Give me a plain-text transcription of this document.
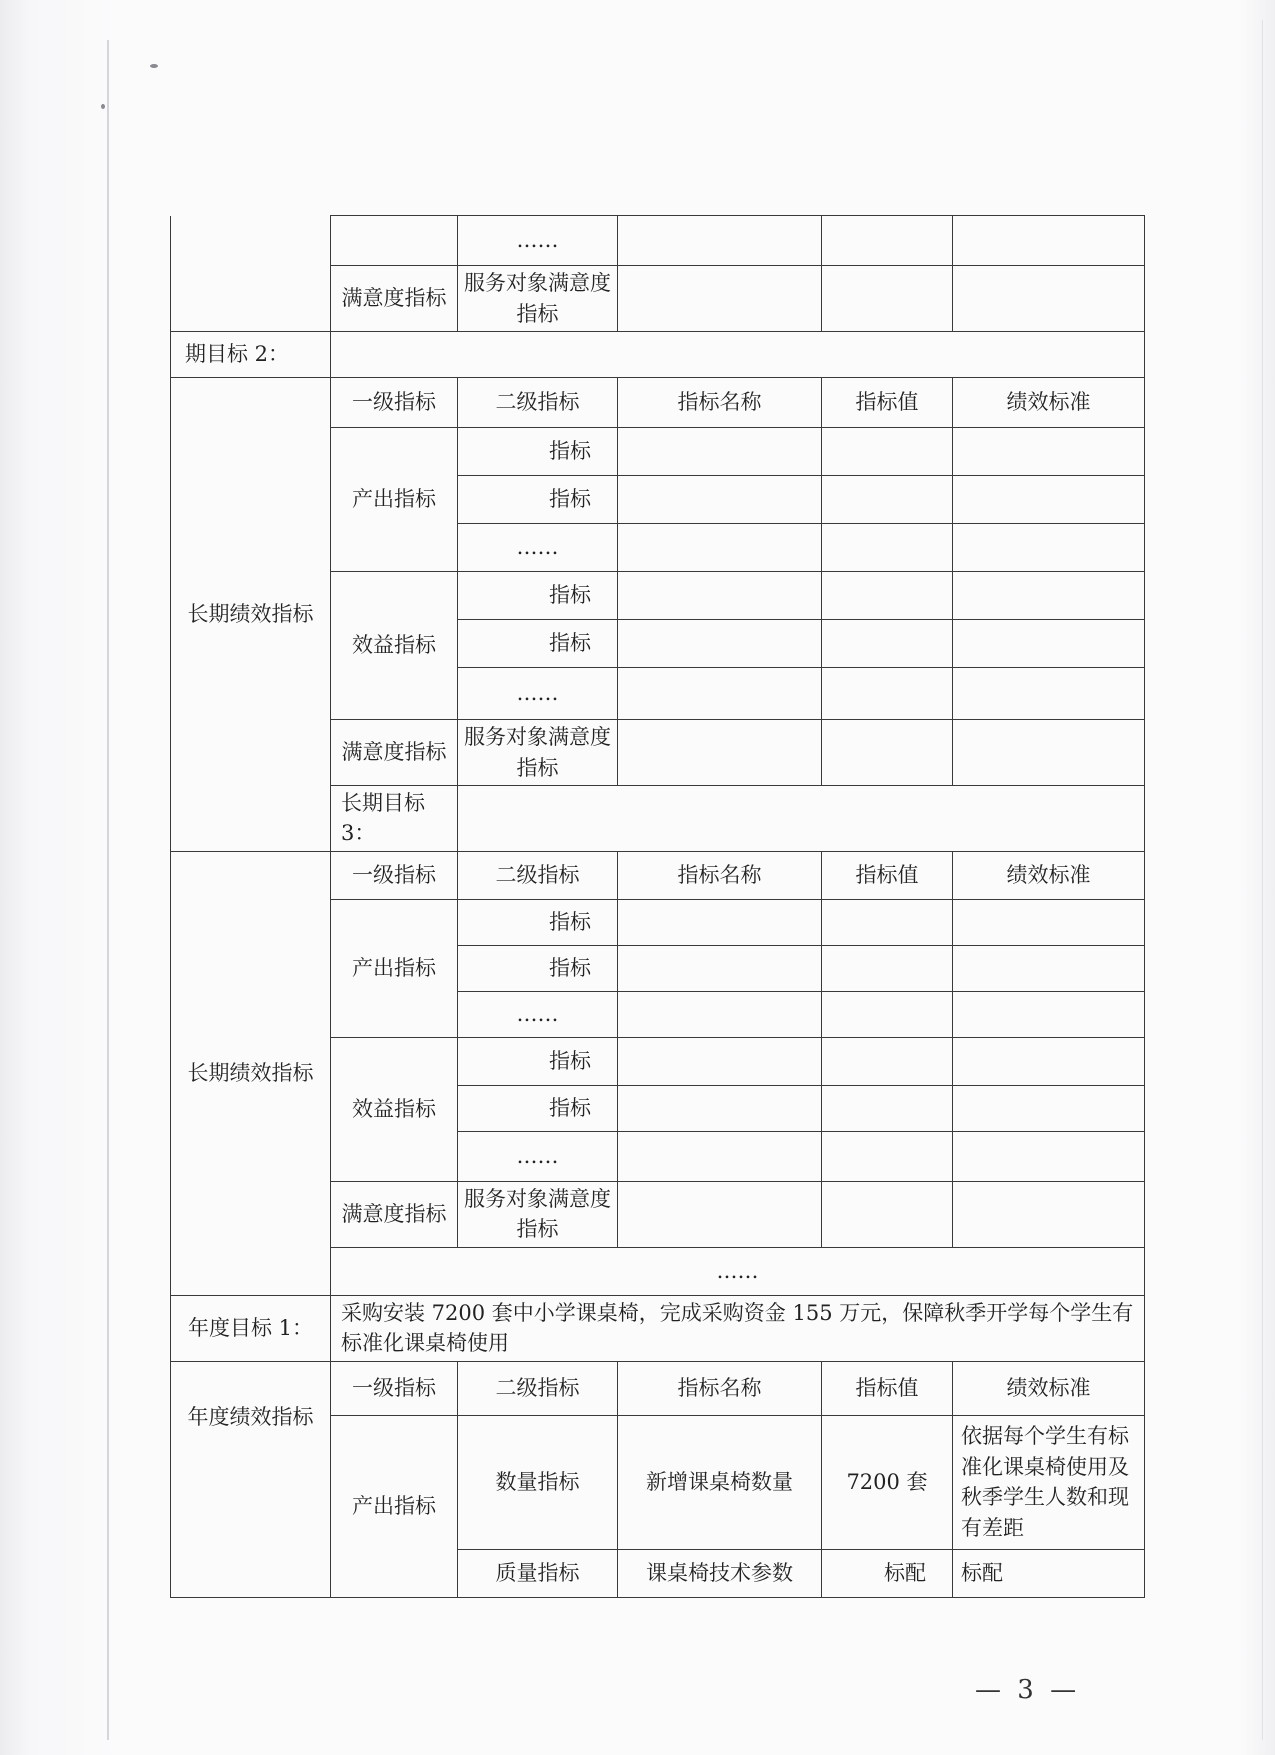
		……			
	满意度指标	服务对象满意度指标			
期目标 2：					
长期绩效指标	一级指标	二级指标	指标名称	指标值	绩效标准
	产出指标	指标			
		指标			
		……			
	效益指标	指标			
		指标			
		……			
	满意度指标	服务对象满意度指标			
	长期目标 3：				
长期绩效指标	一级指标	二级指标	指标名称	指标值	绩效标准
	产出指标	指标			
		指标			
		……			
	效益指标	指标			
		指标			
		……			
	满意度指标	服务对象满意度指标			
	……				
年度目标 1：	采购安装 7200 套中小学课桌椅，完成采购资金 155 万元，保障秋季开学每个学生有标准化课桌椅使用				
年度绩效指标	一级指标	二级指标	指标名称	指标值	绩效标准
	产出指标	数量指标	新增课桌椅数量	7200 套	依据每个学生有标准化课桌椅使用及秋季学生人数和现有差距
		质量指标	课桌椅技术参数	标配	标配
— 3 —
